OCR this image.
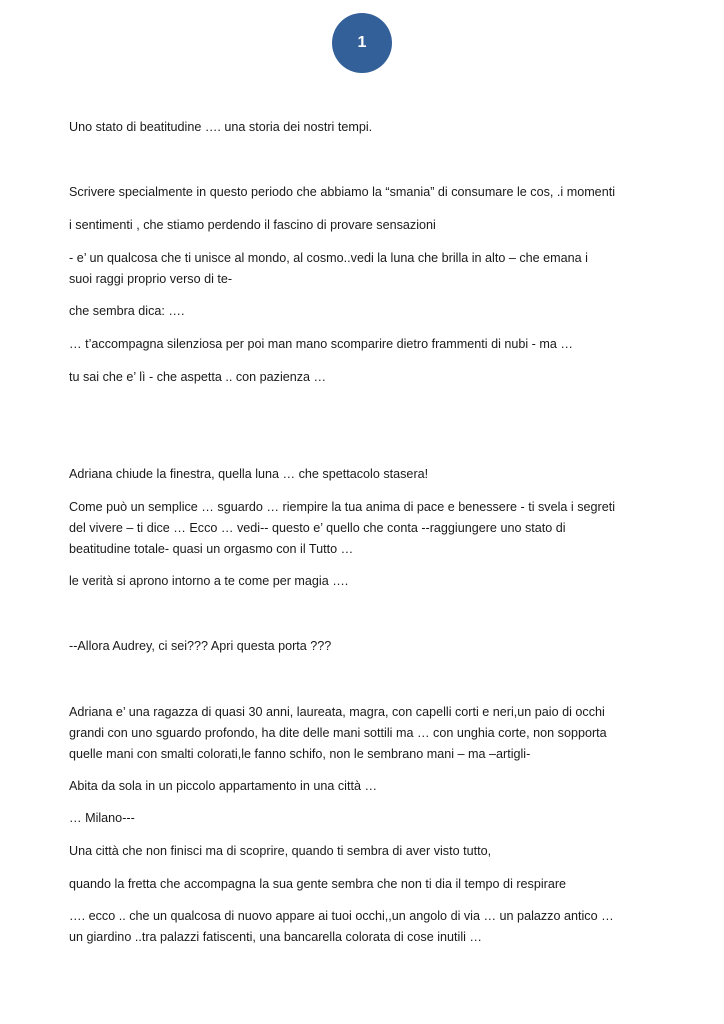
1

Uno stato di beatitudine …. una storia dei nostri tempi.

Scrivere specialmente in questo periodo che abbiamo la “smania” di consumare le cos, .i momenti

i sentimenti , che stiamo perdendo il fascino di provare sensazioni

- e’ un qualcosa che ti unisce al mondo, al cosmo..vedi la luna che brilla in alto – che emana i

suoi raggi proprio verso di te-

che sembra dica: ….

… t’accompagna silenziosa per poi man mano scomparire dietro frammenti di nubi - ma …

tu sai che e’ lì - che aspetta .. con pazienza …

Adriana chiude la finestra, quella luna … che spettacolo stasera!

Come può un semplice … sguardo … riempire la tua anima di pace e benessere - ti svela i segreti

del vivere – ti dice … Ecco … vedi-- questo e’ quello che conta --raggiungere uno stato di

beatitudine totale- quasi un orgasmo con il Tutto …

le verità si aprono intorno a te come per magia ….

--Allora Audrey, ci sei??? Apri questa porta ???

Adriana e’ una ragazza di quasi 30 anni, laureata, magra, con capelli corti e neri,un paio di occhi

grandi con uno sguardo profondo, ha dite delle mani sottili ma … con unghia corte, non sopporta

quelle mani con smalti colorati,le fanno schifo, non le sembrano mani – ma –artigli-

Abita da sola in un piccolo appartamento in una città …

… Milano---

Una città che non finisci ma di scoprire, quando ti sembra di aver visto tutto,

quando la fretta che accompagna la sua gente sembra che non ti dia il tempo di respirare

…. ecco .. che un qualcosa di nuovo appare ai tuoi occhi,,un angolo di via … un palazzo antico …

un giardino ..tra palazzi fatiscenti, una bancarella colorata di cose inutili …
